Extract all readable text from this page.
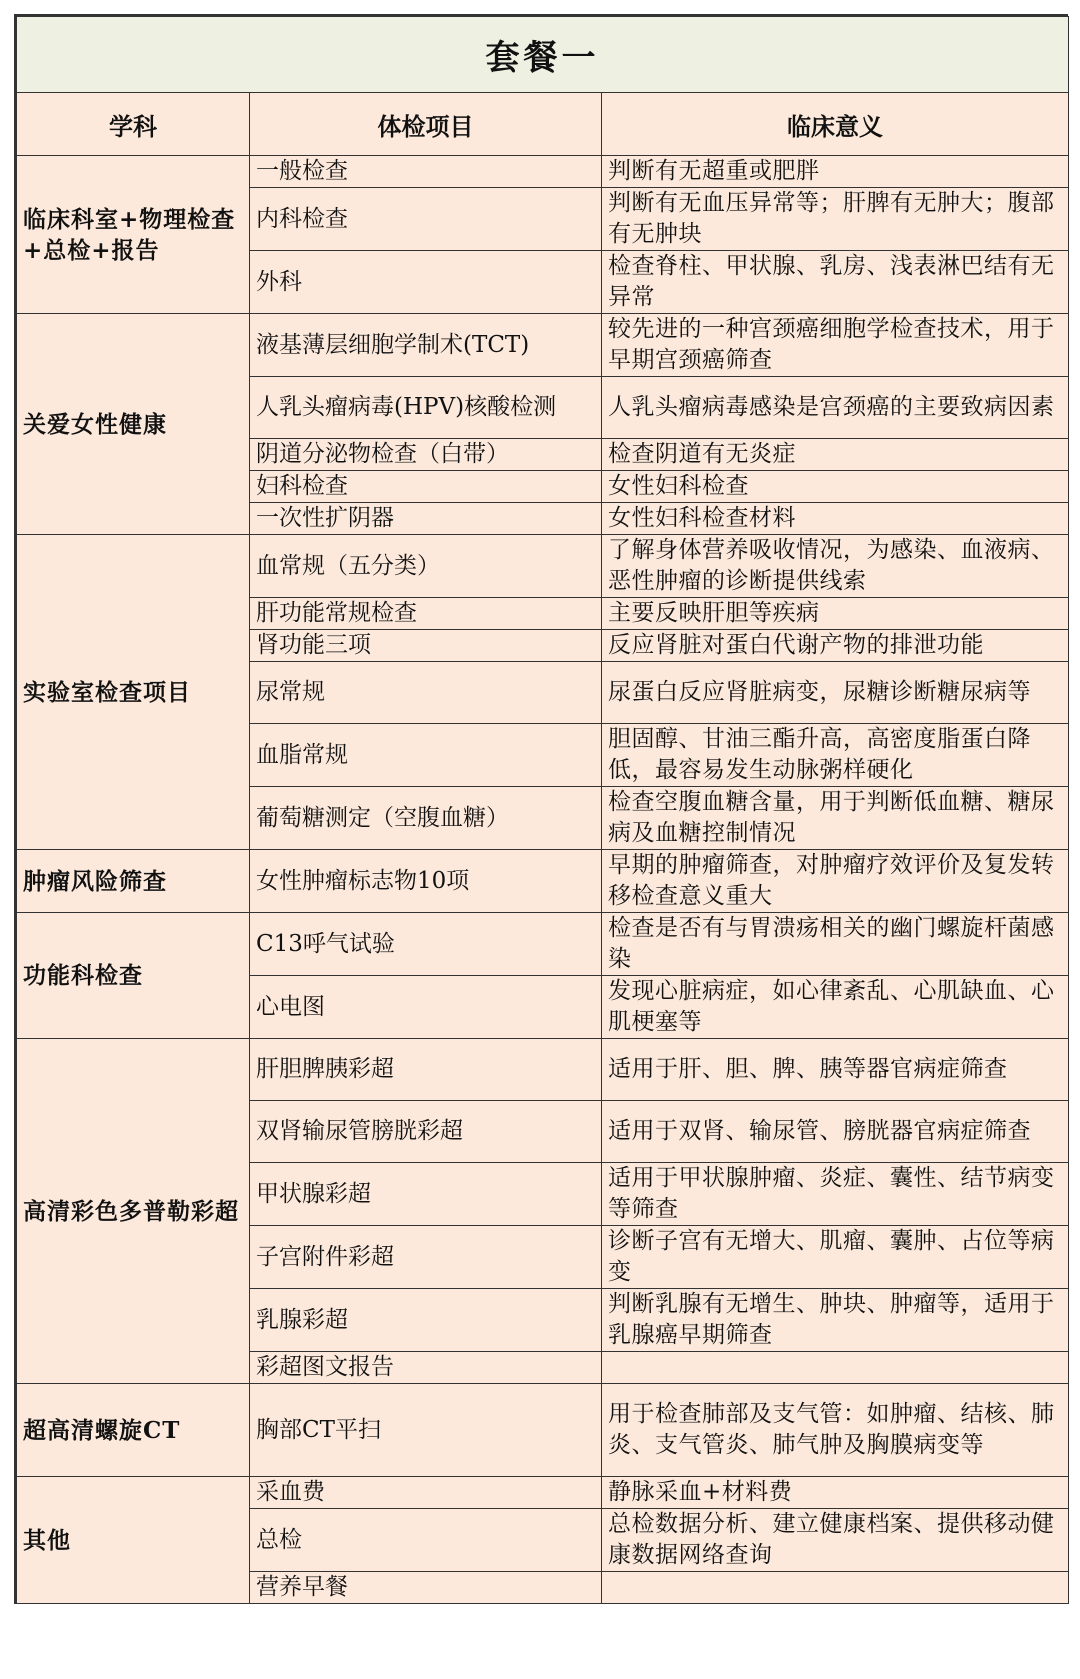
套餐一		
学科	体检项目	临床意义
临床科室+物理检查+总检+报告	一般检查	判断有无超重或肥胖
	内科检查	判断有无血压异常等；肝脾有无肿大；腹部有无肿块
	外科	检查脊柱、甲状腺、乳房、浅表淋巴结有无异常
关爱女性健康	液基薄层细胞学制术(TCT)	较先进的一种宫颈癌细胞学检查技术，用于早期宫颈癌筛查
	人乳头瘤病毒(HPV)核酸检测	人乳头瘤病毒感染是宫颈癌的主要致病因素
	阴道分泌物检查（白带）	检查阴道有无炎症
	妇科检查	女性妇科检查
	一次性扩阴器	女性妇科检查材料
实验室检查项目	血常规（五分类）	了解身体营养吸收情况，为感染、血液病、恶性肿瘤的诊断提供线索
	肝功能常规检查	主要反映肝胆等疾病
	肾功能三项	反应肾脏对蛋白代谢产物的排泄功能
	尿常规	尿蛋白反应肾脏病变，尿糖诊断糖尿病等
	血脂常规	胆固醇、甘油三酯升高，高密度脂蛋白降低，最容易发生动脉粥样硬化
	葡萄糖测定（空腹血糖）	检查空腹血糖含量，用于判断低血糖、糖尿病及血糖控制情况
肿瘤风险筛查	女性肿瘤标志物10项	早期的肿瘤筛查，对肿瘤疗效评价及复发转移检查意义重大
功能科检查	C13呼气试验	检查是否有与胃溃疡相关的幽门螺旋杆菌感染
	心电图	发现心脏病症，如心律紊乱、心肌缺血、心肌梗塞等
高清彩色多普勒彩超	肝胆脾胰彩超	适用于肝、胆、脾、胰等器官病症筛查
	双肾输尿管膀胱彩超	适用于双肾、输尿管、膀胱器官病症筛查
	甲状腺彩超	适用于甲状腺肿瘤、炎症、囊性、结节病变等筛查
	子宫附件彩超	诊断子宫有无增大、肌瘤、囊肿、占位等病变
	乳腺彩超	判断乳腺有无增生、肿块、肿瘤等，适用于乳腺癌早期筛查
	彩超图文报告	
超高清螺旋CT	胸部CT平扫	用于检查肺部及支气管：如肿瘤、结核、肺炎、支气管炎、肺气肿及胸膜病变等
其他	采血费	静脉采血+材料费
	总检	总检数据分析、建立健康档案、提供移动健康数据网络查询
	营养早餐	
